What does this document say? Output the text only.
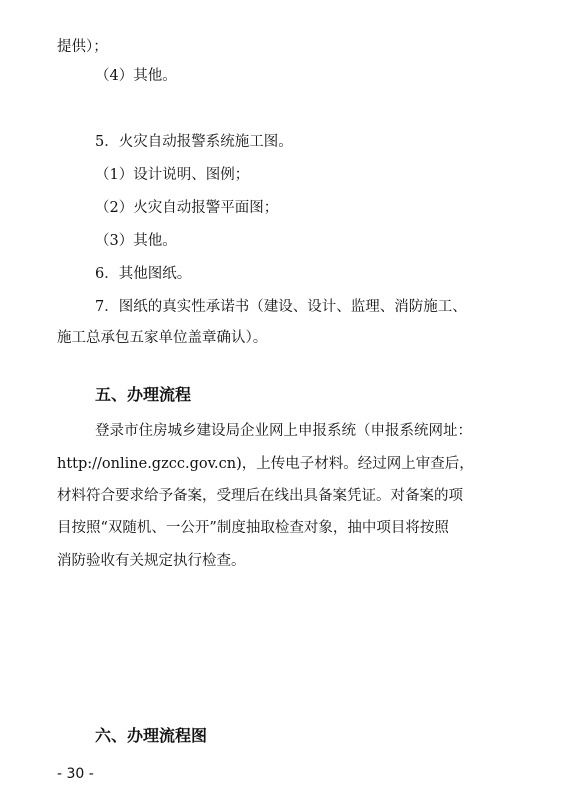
提供）；
（4）其他。
5．火灾自动报警系统施工图。
（1）设计说明、图例；
（2）火灾自动报警平面图；
（3）其他。
6．其他图纸。
7．图纸的真实性承诺书（建设、设计、监理、消防施工、
施工总承包五家单位盖章确认）。
五、办理流程
登录市住房城乡建设局企业网上申报系统（申报系统网址：
http://online.gzcc.gov.cn)，上传电子材料。经过网上审查后，
材料符合要求给予备案，受理后在线出具备案凭证。对备案的项
目按照“双随机、一公开”制度抽取检查对象，抽中项目将按照
消防验收有关规定执行检查。
六、办理流程图
- 30 -
